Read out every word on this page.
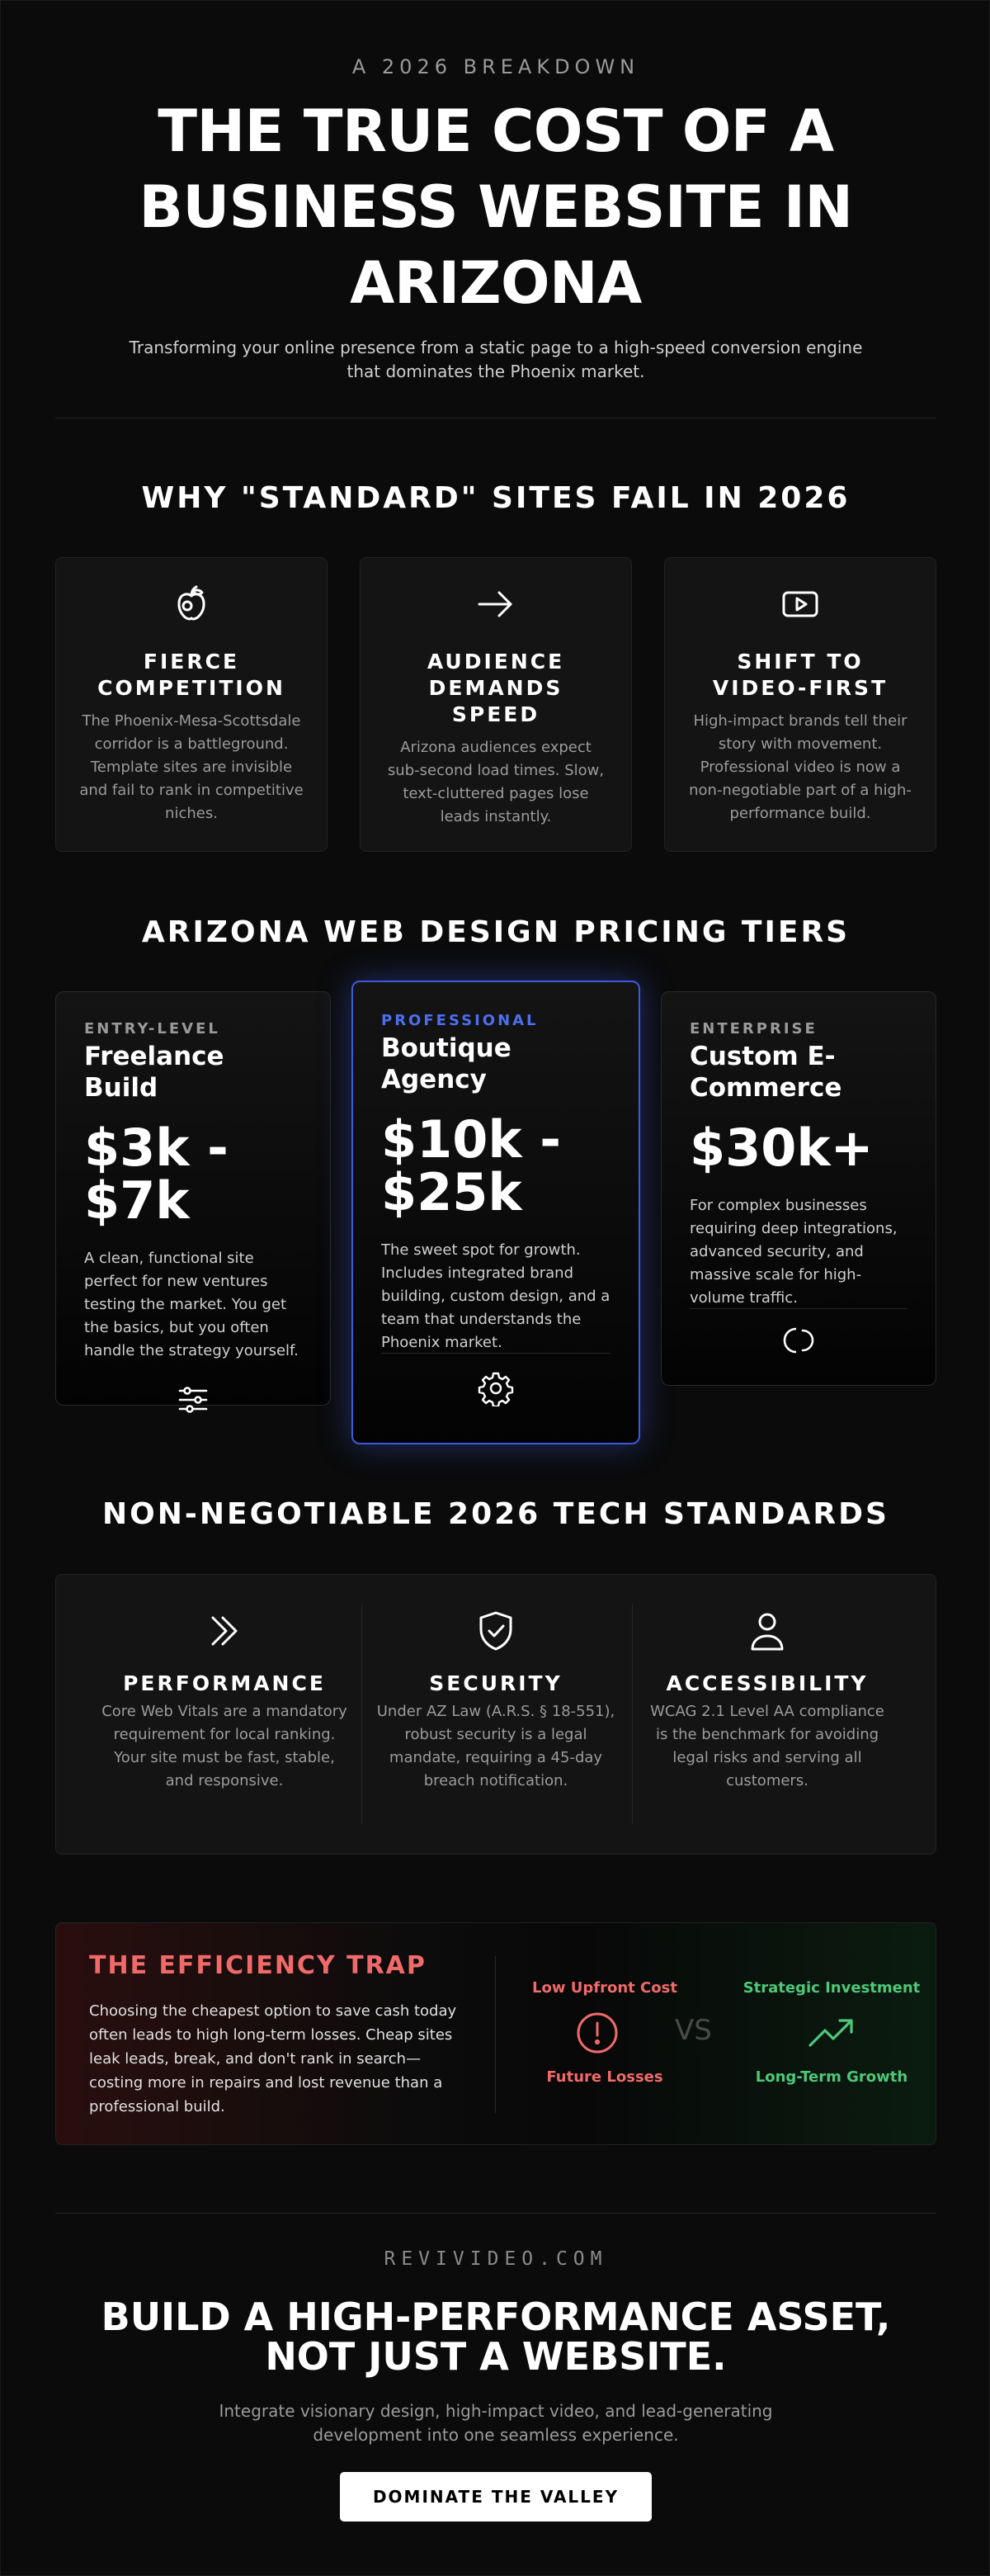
A 2026 BREAKDOWN
THE TRUE COST OF A BUSINESS WEBSITE IN ARIZONA

Transforming your online presence from a static page to a high-speed conversion engine that dominates the Phoenix market.

WHY "STANDARD" SITES FAIL IN 2026
FIERCE COMPETITION
The Phoenix-Mesa-Scottsdale corridor is a battleground. Template sites are invisible and fail to rank in competitive niches.
AUDIENCE DEMANDS SPEED
Arizona audiences expect sub-second load times. Slow, text-cluttered pages lose leads instantly.
SHIFT TO VIDEO-FIRST
High-impact brands tell their story with movement. Professional video is now a non-negotiable part of a high-performance build.
ARIZONA WEB DESIGN PRICING TIERS
ENTRY-LEVEL
Freelance Build
$3k - $7k
A clean, functional site perfect for new ventures testing the market. You get the basics, but you often handle the strategy yourself.
PROFESSIONAL
Boutique Agency
$10k - $25k
The sweet spot for growth. Includes integrated brand building, custom design, and a team that understands the Phoenix market.
ENTERPRISE
Custom E-Commerce
$30k+
For complex businesses requiring deep integrations, advanced security, and massive scale for high-volume traffic.
NON-NEGOTIABLE 2026 TECH STANDARDS
PERFORMANCE
Core Web Vitals are a mandatory requirement for local ranking. Your site must be fast, stable, and responsive.
SECURITY
Under AZ Law (A.R.S. § 18-551), robust security is a legal mandate, requiring a 45-day breach notification.
ACCESSIBILITY
WCAG 2.1 Level AA compliance is the benchmark for avoiding legal risks and serving all customers.
THE EFFICIENCY TRAP
Choosing the cheapest option to save cash today often leads to high long-term losses. Cheap sites leak leads, break, and don't rank in search—costing more in repairs and lost revenue than a professional build.
Low Upfront Cost
Future Losses
VS
Strategic Investment
Long-Term Growth
REVIVIDEO.COM
BUILD A HIGH-PERFORMANCE ASSET, NOT JUST A WEBSITE.

Integrate visionary design, high-impact video, and lead-generating development into one seamless experience.

DOMINATE THE VALLEY
